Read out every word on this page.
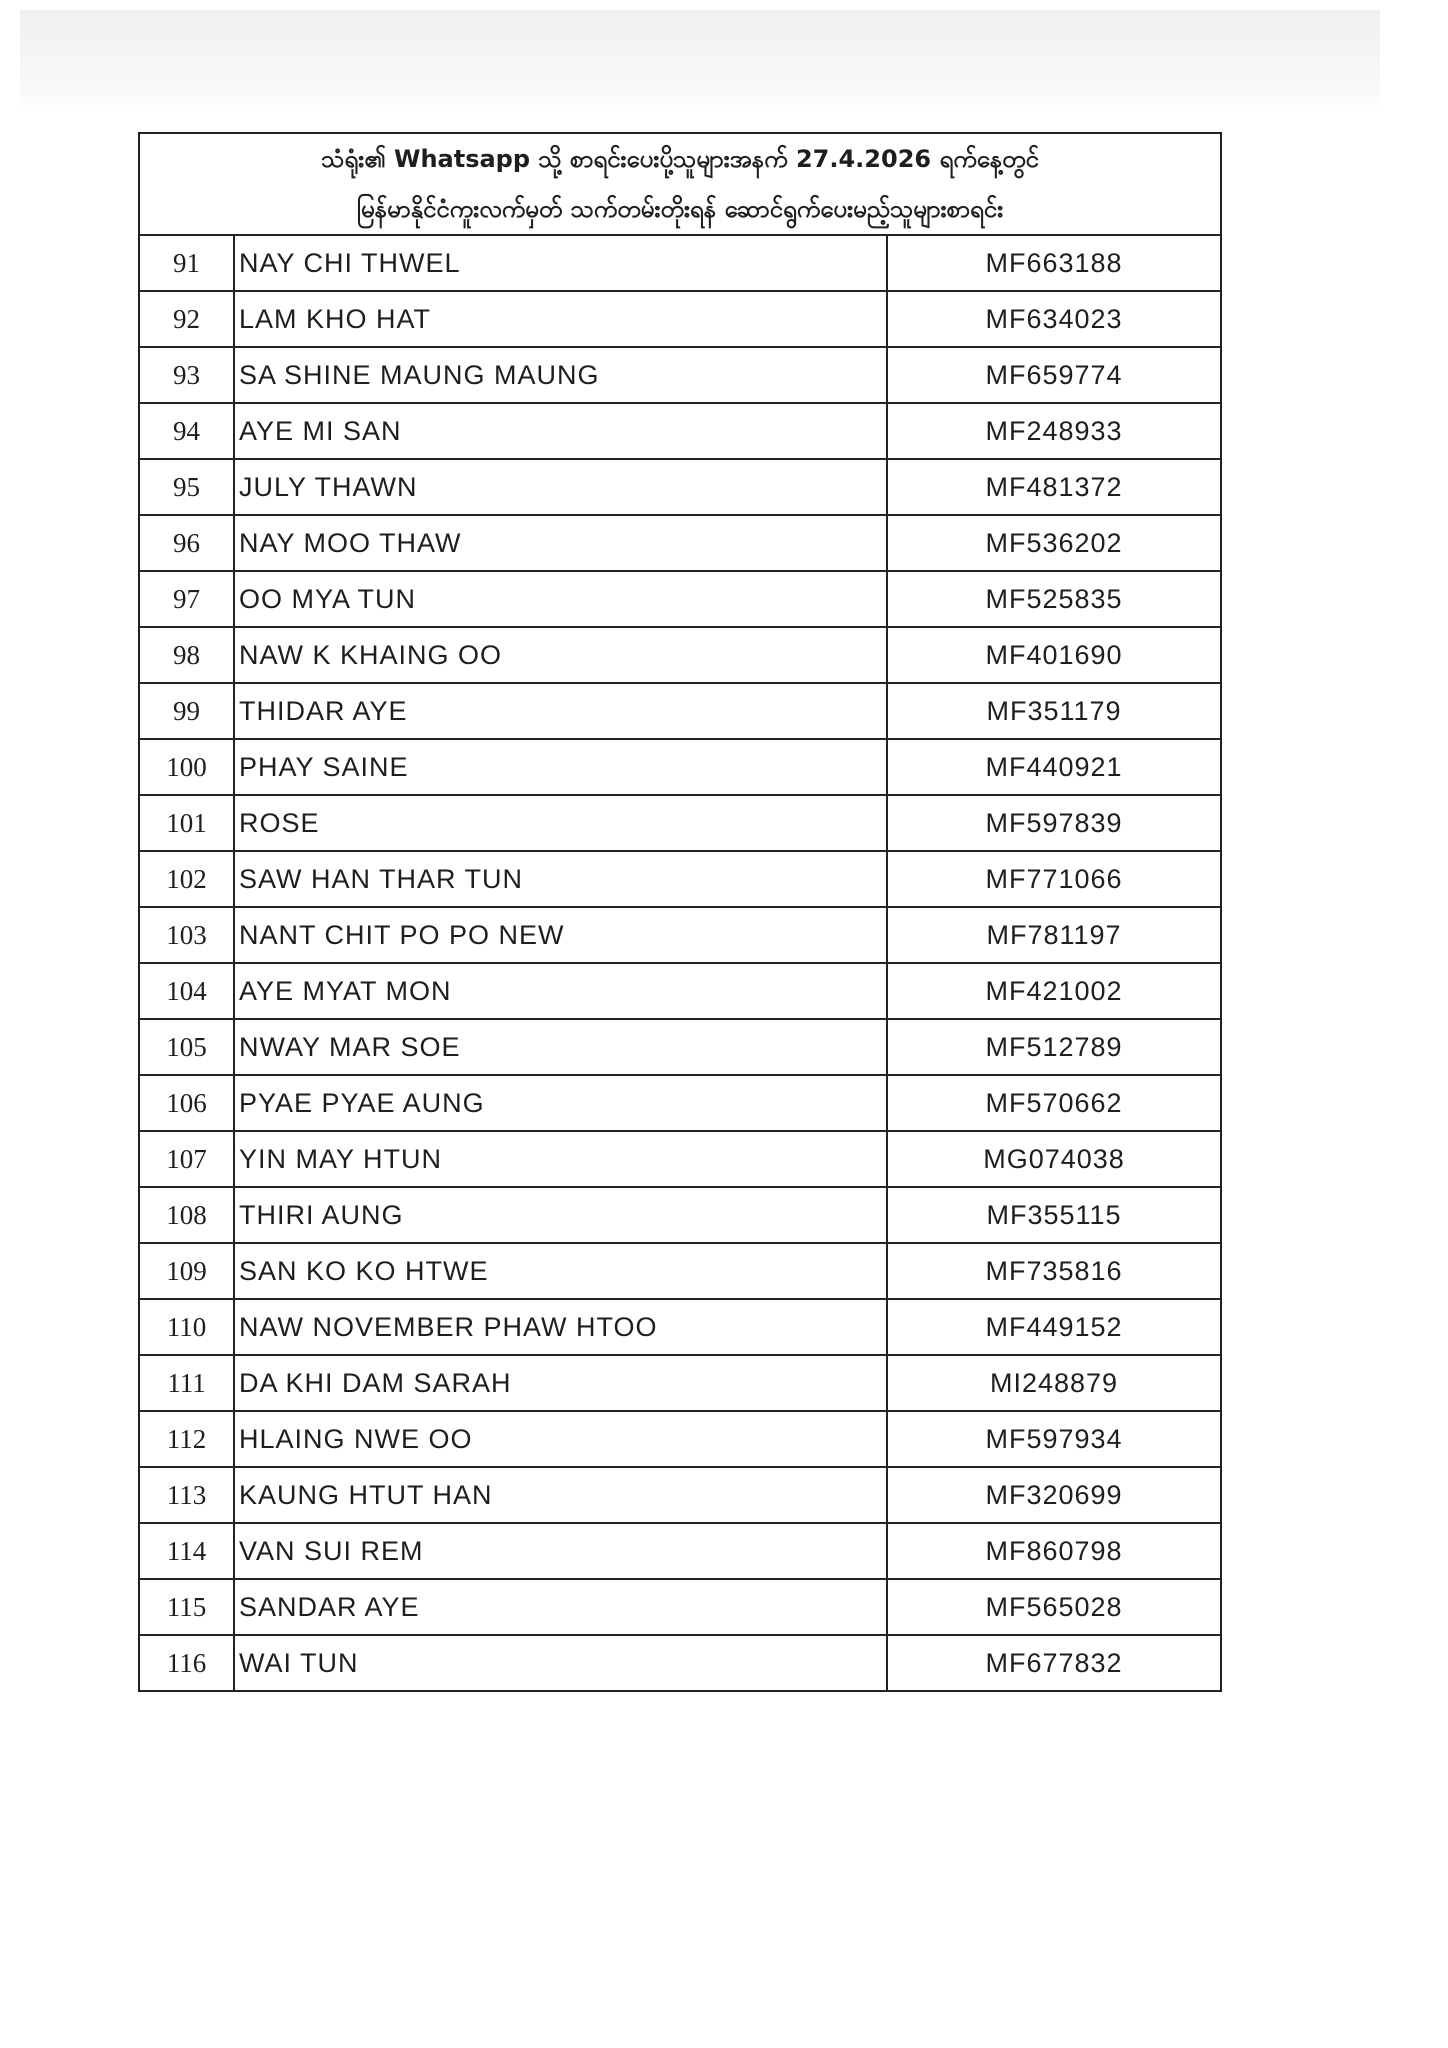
သံရုံး၏ Whatsapp သို့ စာရင်းပေးပို့သူများအနက် 27.4.2026 ရက်နေ့တွင်
မြန်မာနိုင်ငံကူးလက်မှတ် သက်တမ်းတိုးရန် ဆောင်ရွက်ပေးမည့်သူများစာရင်း		

91	NAY CHI THWEL	MF663188
92	LAM KHO HAT	MF634023
93	SA SHINE MAUNG MAUNG	MF659774
94	AYE MI SAN	MF248933
95	JULY THAWN	MF481372
96	NAY MOO THAW	MF536202
97	OO MYA TUN	MF525835
98	NAW K KHAING OO	MF401690
99	THIDAR AYE	MF351179
100	PHAY SAINE	MF440921
101	ROSE	MF597839
102	SAW HAN THAR TUN	MF771066
103	NANT CHIT PO PO NEW	MF781197
104	AYE MYAT MON	MF421002
105	NWAY MAR SOE	MF512789
106	PYAE PYAE AUNG	MF570662
107	YIN MAY HTUN	MG074038
108	THIRI AUNG	MF355115
109	SAN KO KO HTWE	MF735816
110	NAW NOVEMBER PHAW HTOO	MF449152
111	DA KHI DAM SARAH	MI248879
112	HLAING NWE OO	MF597934
113	KAUNG HTUT HAN	MF320699
114	VAN SUI REM	MF860798
115	SANDAR AYE	MF565028
116	WAI TUN	MF677832
